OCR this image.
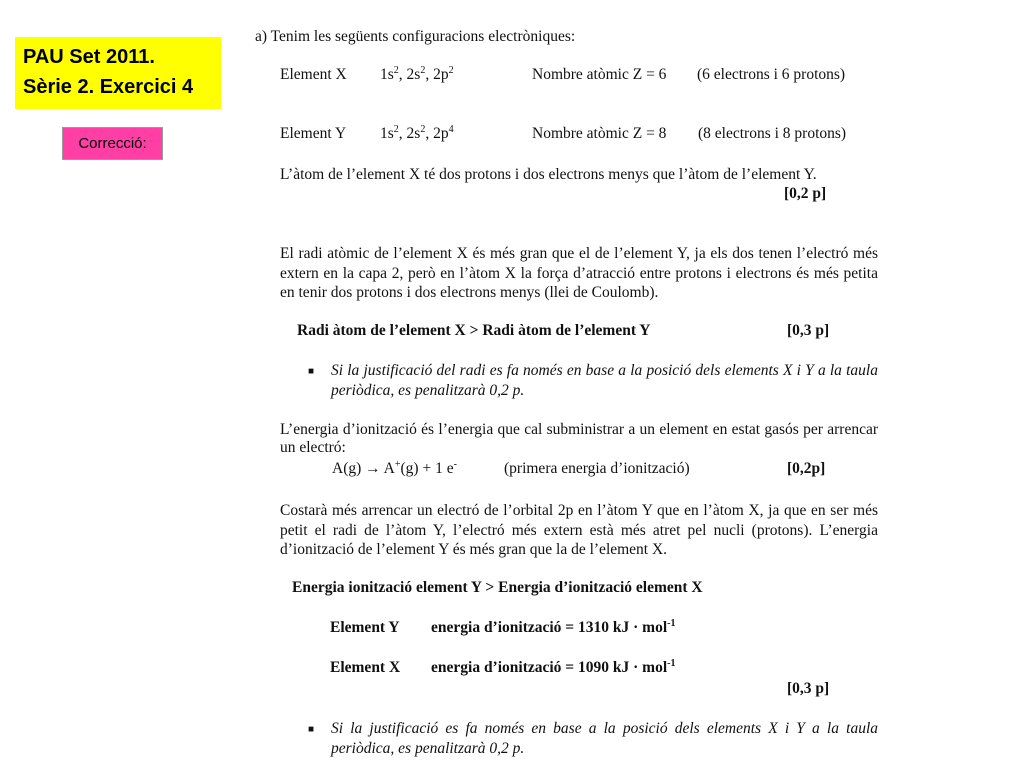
PAU Set 2011.
Sèrie 2. Exercici 4
Correcció:
a) Tenim les següents configuracions electròniques:
Element X $1s^2$, $2s^2$, $2p^2$	Nombre atòmic Z = 6 (6 electrons i 6 protons)
Element Y $1s^2$, $2s^2$, $2p^4$	Nombre atòmic Z = 8 (8 electrons i 8 protons)
L’àtom de l’element X té dos protons i dos electrons menys que l’àtom de l’element Y.
[0,2 p]
El radi atòmic de l’element X és més gran que el de l’element Y, ja els dos tenen l’electró més extern en la capa 2, però en l’àtom X la força d’atracció entre protons i electrons és més petita en tenir dos protons i dos electrons menys (llei de Coulomb).
Radi àtom de l’element X > Radi àtom de l’element Y	[0,3 p]
■ Si la justificació del radi es fa només en base a la posició dels elements X i Y a la taula periòdica, es penalitzarà 0,2 p.
L’energia d’ionització és l’energia que cal subministrar a un element en estat gasós per arrencar un electró:
A(g) → A+(g) + 1 e-	(primera energia d’ionització)	[0,2p]
Costarà més arrencar un electró de l’orbital 2p en l’àtom Y que en l’àtom X, ja que en ser més petit el radi de l’àtom Y, l’electró més extern està més atret pel nucli (protons). L’energia d’ionització de l’element Y és més gran que la de l’element X.
Energia ionització element Y > Energia d’ionització element X
Element Y energia d’ionització = 1310 kJ · mol$^{-1}$
Element X energia d’ionització = 1090 kJ · mol$^{-1}$
[0,3 p]
■ Si la justificació es fa només en base a la posició dels elements X i Y a la taula periòdica, es penalitzarà 0,2 p.
